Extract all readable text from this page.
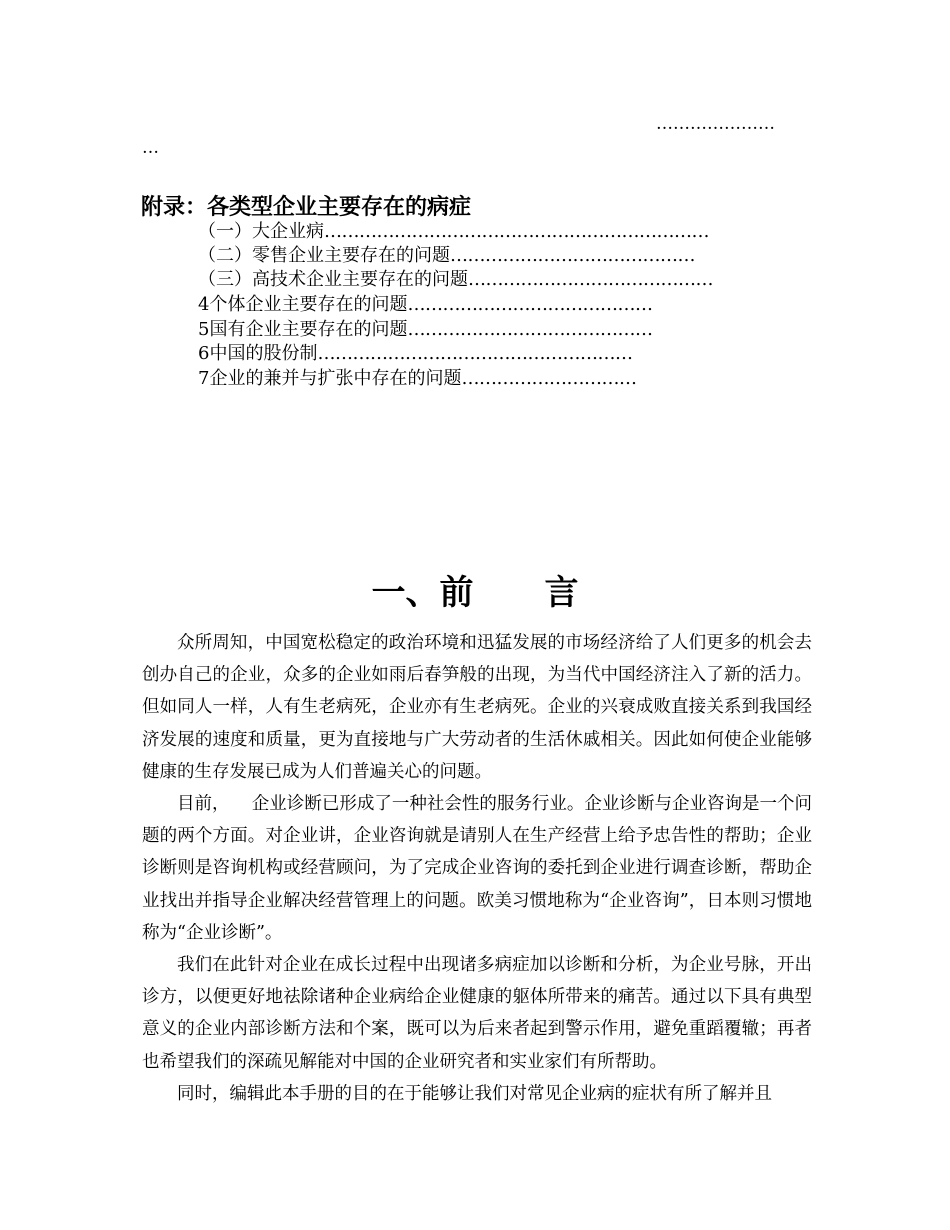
…………………
…
附录：各类型企业主要存在的病症
（一）大企业病…………………………………………………………
（二）零售企业主要存在的问题……………………………………
（三）高技术企业主要存在的问题……………………………………
4个体企业主要存在的问题……………………………………
5国有企业主要存在的问题……………………………………
6中国的股份制………………………………………………
7企业的兼并与扩张中存在的问题…………………………
一、前      言

众所周知，中国宽松稳定的政治环境和迅猛发展的市场经济给了人们更多的机会去创办自己的企业，众多的企业如雨后春笋般的出现，为当代中国经济注入了新的活力。但如同人一样，人有生老病死，企业亦有生老病死。企业的兴衰成败直接关系到我国经济发展的速度和质量，更为直接地与广大劳动者的生活休戚相关。因此如何使企业能够健康的生存发展已成为人们普遍关心的问题。

目前，    企业诊断已形成了一种社会性的服务行业。企业诊断与企业咨询是一个问题的两个方面。对企业讲，企业咨询就是请别人在生产经营上给予忠告性的帮助；企业诊断则是咨询机构或经营顾问，为了完成企业咨询的委托到企业进行调查诊断，帮助企业找出并指导企业解决经营管理上的问题。欧美习惯地称为“企业咨询”，日本则习惯地称为“企业诊断”。

我们在此针对企业在成长过程中出现诸多病症加以诊断和分析，为企业号脉，开出诊方，以便更好地祛除诸种企业病给企业健康的躯体所带来的痛苦。通过以下具有典型意义的企业内部诊断方法和个案，既可以为后来者起到警示作用，避免重蹈覆辙；再者也希望我们的深疏见解能对中国的企业研究者和实业家们有所帮助。

同时，编辑此本手册的目的在于能够让我们对常见企业病的症状有所了解并且
